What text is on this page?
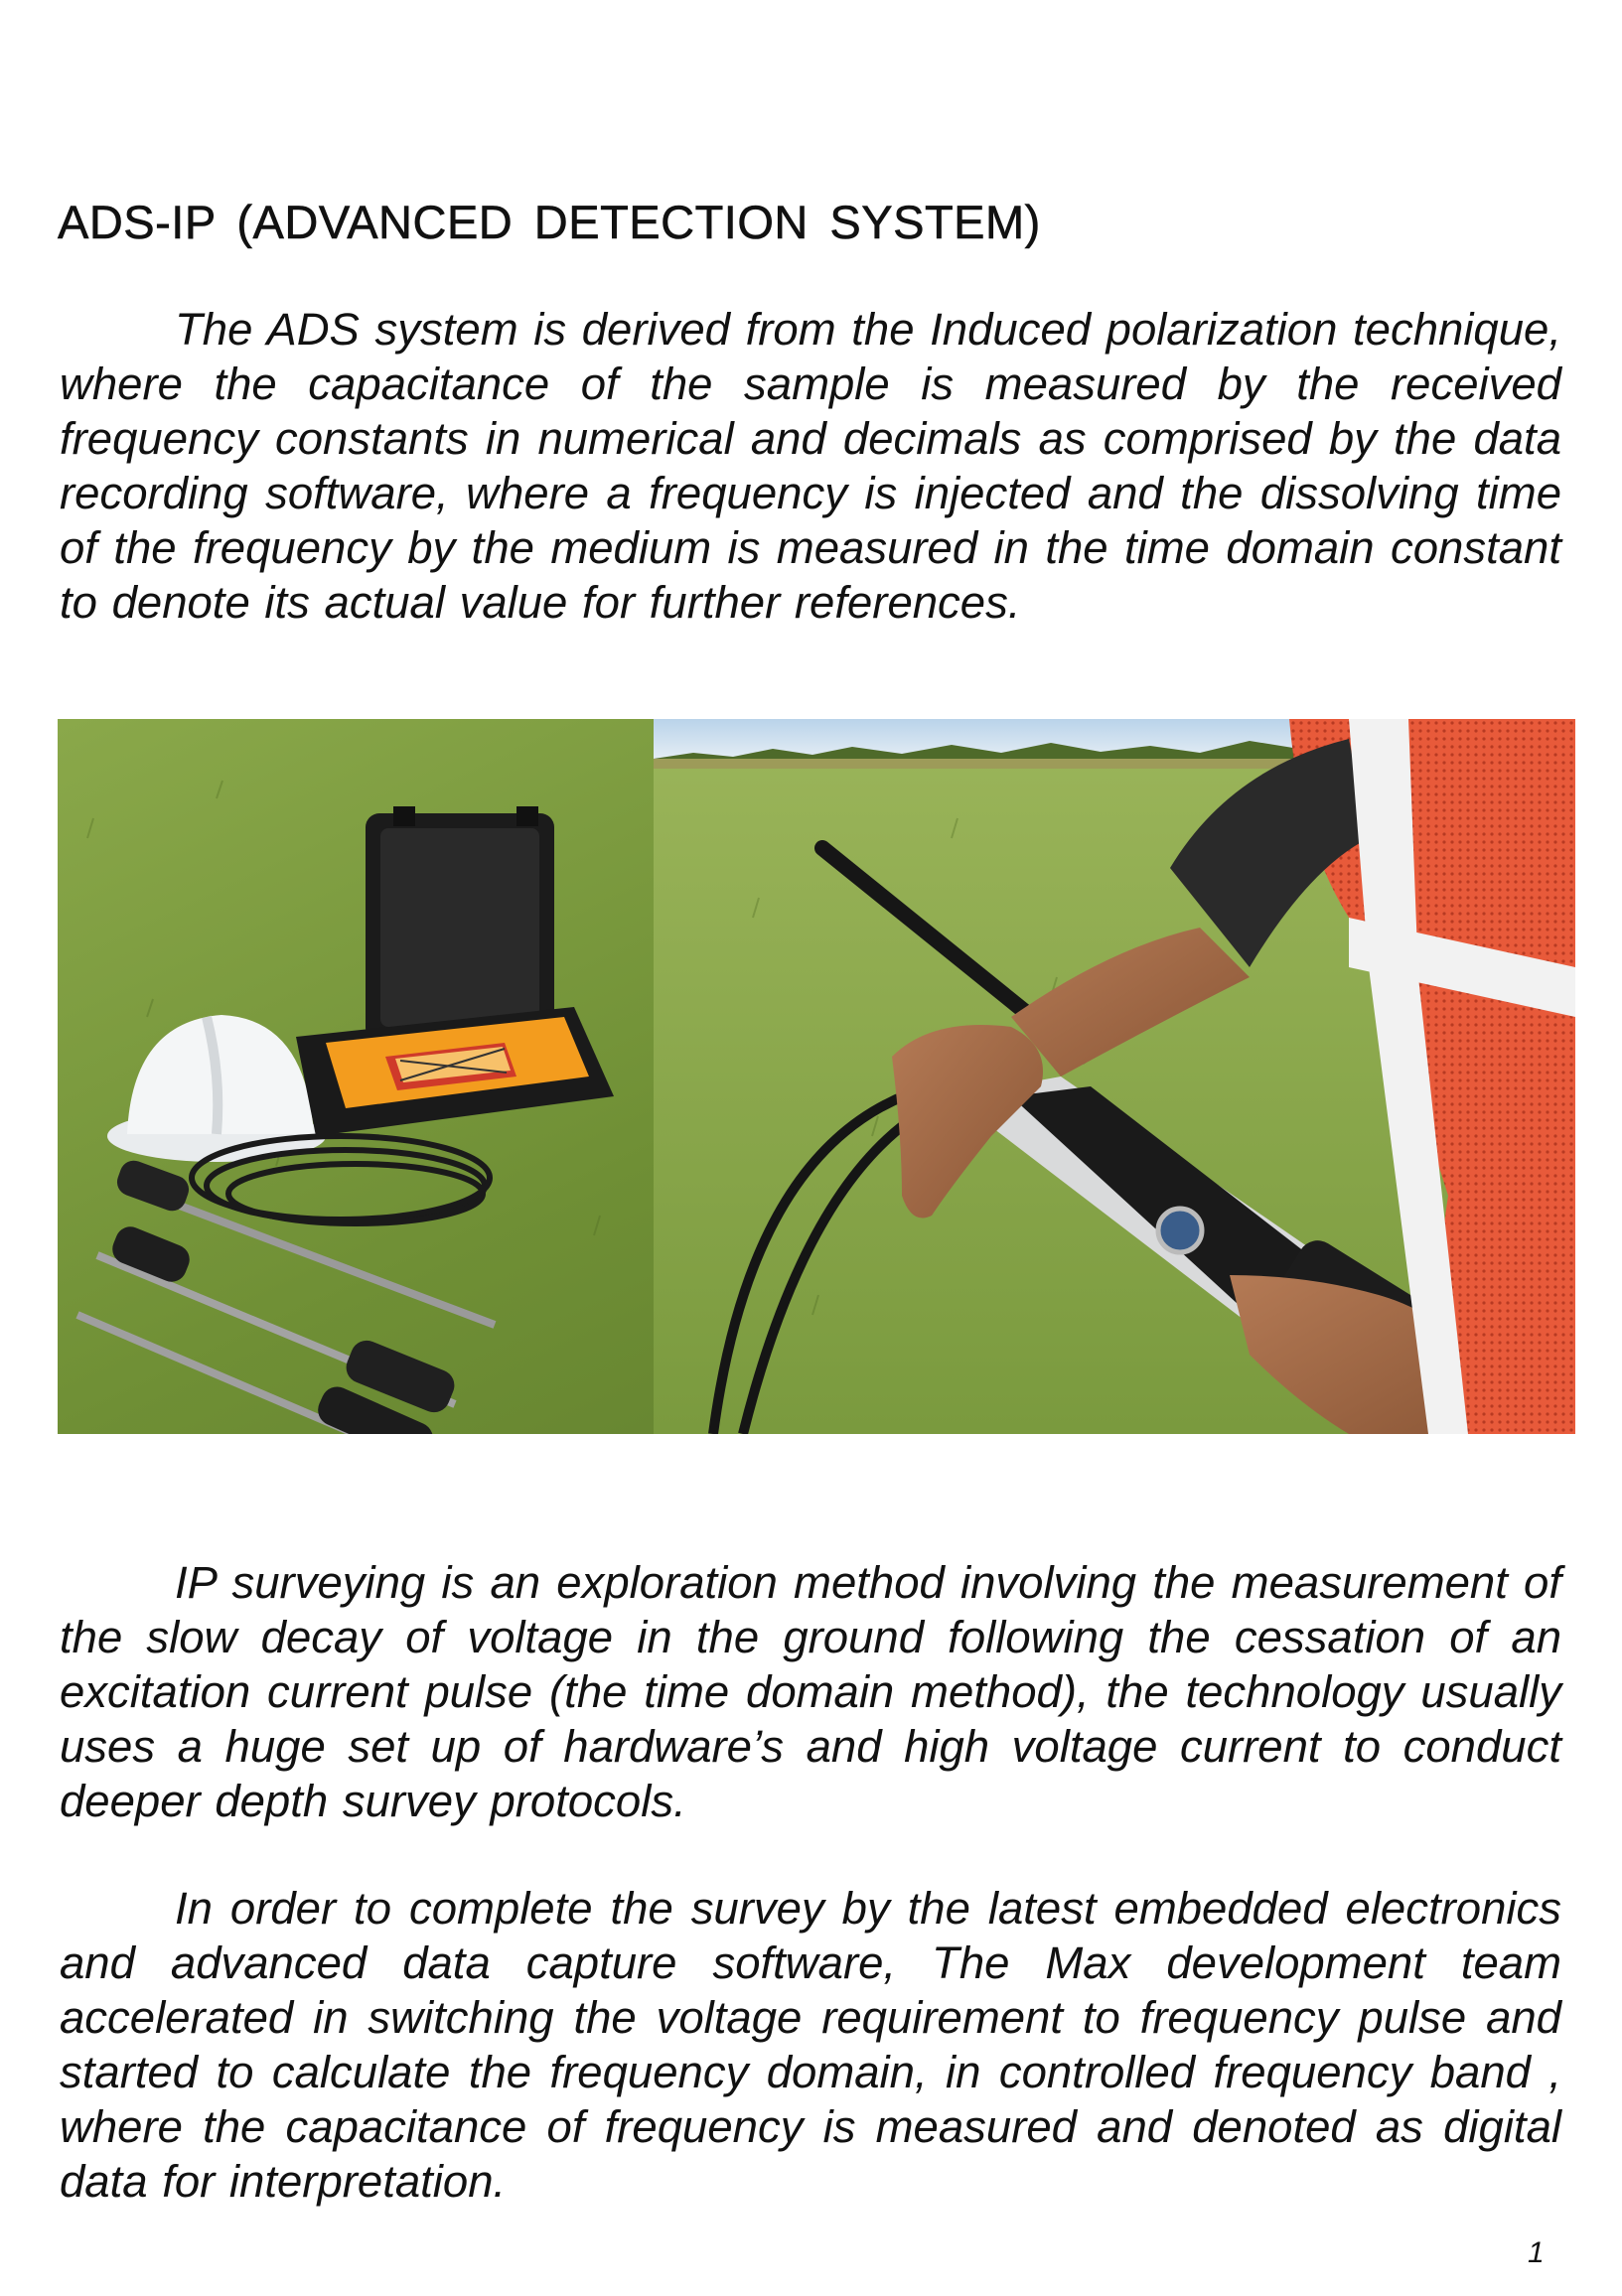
ADS-IP (ADVANCED DETECTION SYSTEM)

The ADS system is derived from the Induced polarization technique, where the capacitance of the sample is measured by the received frequency constants in numerical and decimals as comprised by the data recording software, where a frequency is injected and the dissolving time of the frequency by the medium is measured in the time domain constant to denote its actual value for further references.

IP surveying is an exploration method involving the measurement of the slow decay of voltage in the ground following the cessation of an excitation current pulse (the time domain method), the technology usually uses a huge set up of hardware’s and high voltage current to conduct deeper depth survey protocols.

In order to complete the survey by the latest embedded electronics and advanced data capture software, The Max development team accelerated in switching the voltage requirement to frequency pulse and started to calculate the frequency domain, in controlled frequency band , where the capacitance of frequency is measured and denoted as digital data for interpretation.

1
